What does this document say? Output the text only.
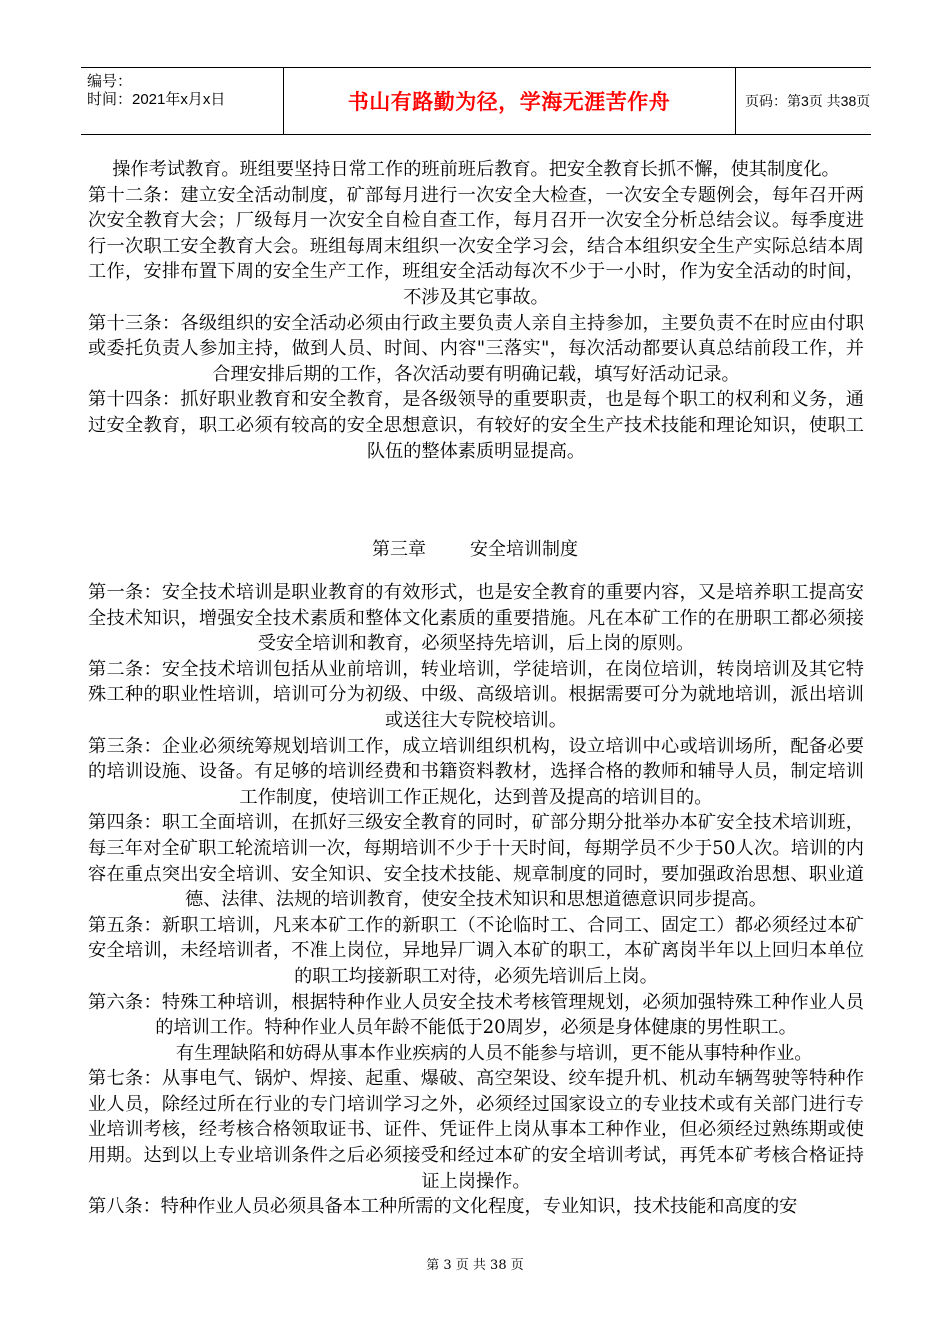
编号：
时间：2021年x月x日	书山有路勤为径，学海无涯苦作舟	页码：第3页 共38页

操作考试教育。班组要坚持日常工作的班前班后教育。把安全教育长抓不懈，使其制度化。

第十二条：建立安全活动制度，矿部每月进行一次安全大检查，一次安全专题例会，每年召开两次安全教育大会；厂级每月一次安全自检自查工作，每月召开一次安全分析总结会议。每季度进行一次职工安全教育大会。班组每周末组织一次安全学习会，结合本组织安全生产实际总结本周工作，安排布置下周的安全生产工作，班组安全活动每次不少于一小时，作为安全活动的时间，不涉及其它事故。

第十三条：各级组织的安全活动必须由行政主要负责人亲自主持参加，主要负责不在时应由付职或委托负责人参加主持，做到人员、时间、内容"三落实"，每次活动都要认真总结前段工作，并合理安排后期的工作，各次活动要有明确记载，填写好活动记录。

第十四条：抓好职业教育和安全教育，是各级领导的重要职责，也是每个职工的权利和义务，通过安全教育，职工必须有较高的安全思想意识，有较好的安全生产技术技能和理论知识，使职工队伍的整体素质明显提高。

第三章 安全培训制度

第一条：安全技术培训是职业教育的有效形式，也是安全教育的重要内容，又是培养职工提高安全技术知识，增强安全技术素质和整体文化素质的重要措施。凡在本矿工作的在册职工都必须接受安全培训和教育，必须坚持先培训，后上岗的原则。

第二条：安全技术培训包括从业前培训，转业培训，学徒培训，在岗位培训，转岗培训及其它特殊工种的职业性培训，培训可分为初级、中级、高级培训。根据需要可分为就地培训，派出培训或送往大专院校培训。

第三条：企业必须统筹规划培训工作，成立培训组织机构，设立培训中心或培训场所，配备必要的培训设施、设备。有足够的培训经费和书籍资料教材，选择合格的教师和辅导人员，制定培训工作制度，使培训工作正规化，达到普及提高的培训目的。

第四条：职工全面培训，在抓好三级安全教育的同时，矿部分期分批举办本矿安全技术培训班，每三年对全矿职工轮流培训一次，每期培训不少于十天时间，每期学员不少于50人次。培训的内容在重点突出安全培训、安全知识、安全技术技能、规章制度的同时，要加强政治思想、职业道德、法律、法规的培训教育，使安全技术知识和思想道德意识同步提高。

第五条：新职工培训，凡来本矿工作的新职工（不论临时工、合同工、固定工）都必须经过本矿安全培训，未经培训者，不准上岗位，异地异厂调入本矿的职工，本矿离岗半年以上回归本单位的职工均接新职工对待，必须先培训后上岗。

第六条：特殊工种培训，根据特种作业人员安全技术考核管理规划，必须加强特殊工种作业人员的培训工作。特种作业人员年龄不能低于20周岁，必须是身体健康的男性职工。

有生理缺陷和妨碍从事本作业疾病的人员不能参与培训，更不能从事特种作业。

第七条：从事电气、锅炉、焊接、起重、爆破、高空架设、绞车提升机、机动车辆驾驶等特种作业人员，除经过所在行业的专门培训学习之外，必须经过国家设立的专业技术或有关部门进行专业培训考核，经考核合格领取证书、证件、凭证件上岗从事本工种作业，但必须经过熟练期或使用期。达到以上专业培训条件之后必须接受和经过本矿的安全培训考试，再凭本矿考核合格证持证上岗操作。

第八条：特种作业人员必须具备本工种所需的文化程度，专业知识，技术技能和高度的安

第 3 页 共 38 页
